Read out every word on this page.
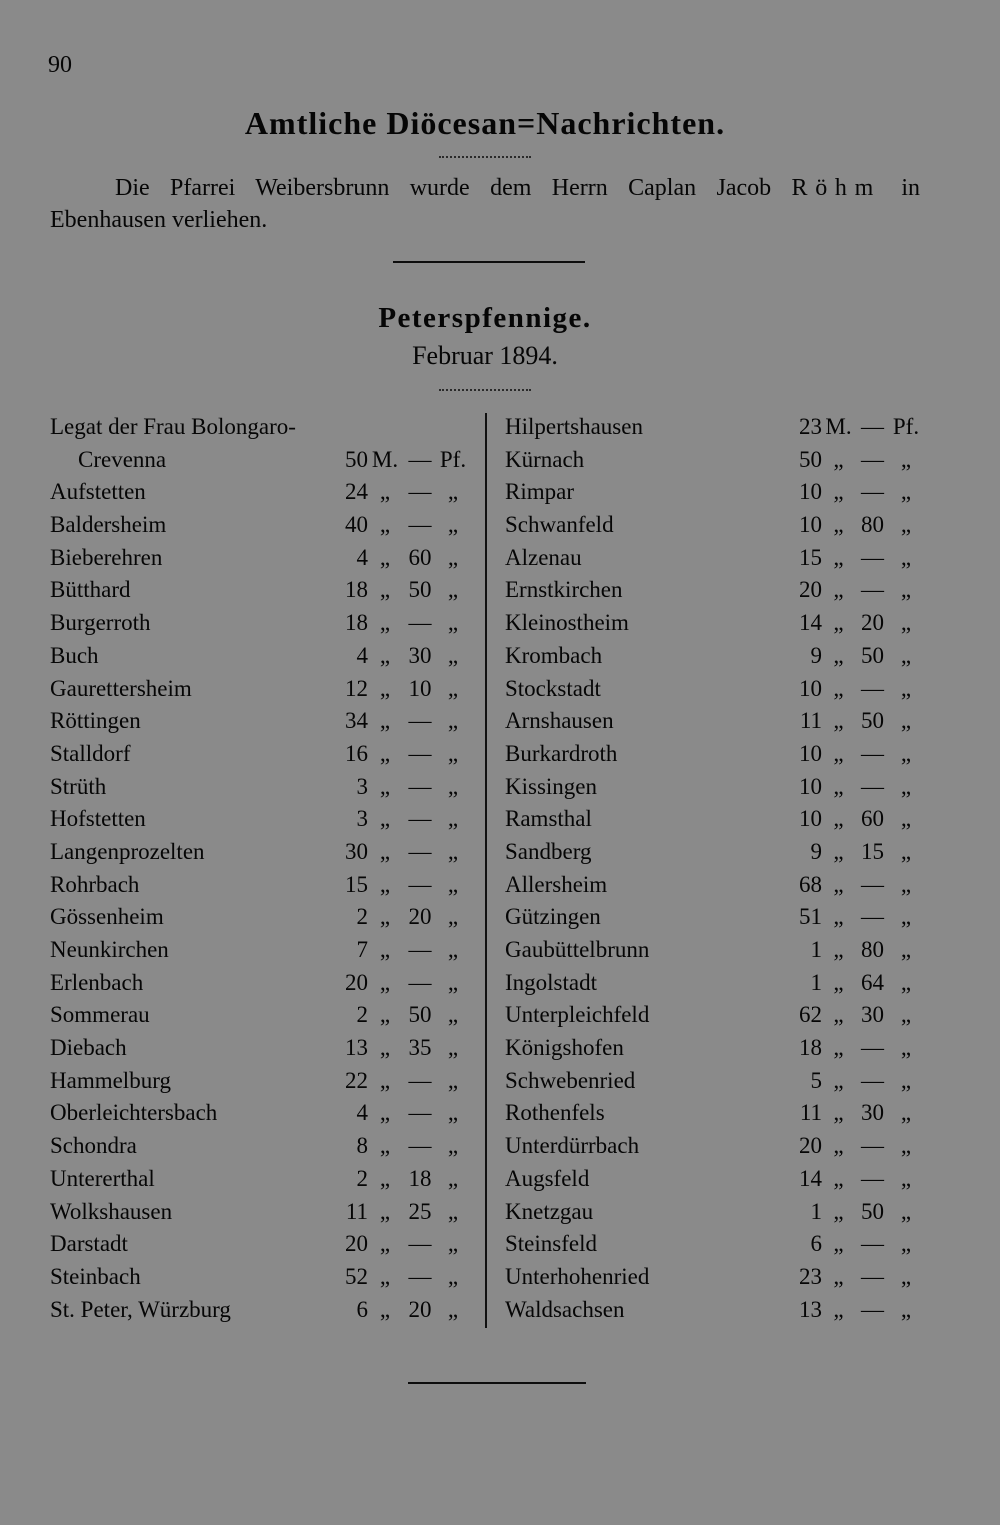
90
Amtliche Diöcesan=Nachrichten.
Die Pfarrei Weibersbrunn wurde dem Herrn Caplan Jacob Röhm in
Ebenhausen verliehen.
Peterspfennige.
Februar 1894.
Legat der Frau Bolongaro-
Crevenna	50 M. — Pf.
Aufstetten	24 „ — „
Baldersheim	40 „ — „
Bieberehren	4 „ 60 „
Bütthard	18 „ 50 „
Burgerroth	18 „ — „
Buch	4 „ 30 „
Gaurettersheim	12 „ 10 „
Röttingen	34 „ — „
Stalldorf	16 „ — „
Strüth	3 „ — „
Hofstetten	3 „ — „
Langenprozelten	30 „ — „
Rohrbach	15 „ — „
Gössenheim	2 „ 20 „
Neunkirchen	7 „ — „
Erlenbach	20 „ — „
Sommerau	2 „ 50 „
Diebach	13 „ 35 „
Hammelburg	22 „ — „
Oberleichtersbach	4 „ — „
Schondra	8 „ — „
Untererthal	2 „ 18 „
Wolkshausen	11 „ 25 „
Darstadt	20 „ — „
Steinbach	52 „ — „
St. Peter, Würzburg	6 „ 20 „
Hilpertshausen	23 M. — Pf.
Kürnach	50 „ — „
Rimpar	10 „ — „
Schwanfeld	10 „ 80 „
Alzenau	15 „ — „
Ernstkirchen	20 „ — „
Kleinostheim	14 „ 20 „
Krombach	9 „ 50 „
Stockstadt	10 „ — „
Arnshausen	11 „ 50 „
Burkardroth	10 „ — „
Kissingen	10 „ — „
Ramsthal	10 „ 60 „
Sandberg	9 „ 15 „
Allersheim	68 „ — „
Gützingen	51 „ — „
Gaubüttelbrunn	1 „ 80 „
Ingolstadt	1 „ 64 „
Unterpleichfeld	62 „ 30 „
Königshofen	18 „ — „
Schwebenried	5 „ — „
Rothenfels	11 „ 30 „
Unterdürrbach	20 „ — „
Augsfeld	14 „ — „
Knetzgau	1 „ 50 „
Steinsfeld	6 „ — „
Unterhohenried	23 „ — „
Waldsachsen	13 „ — „
